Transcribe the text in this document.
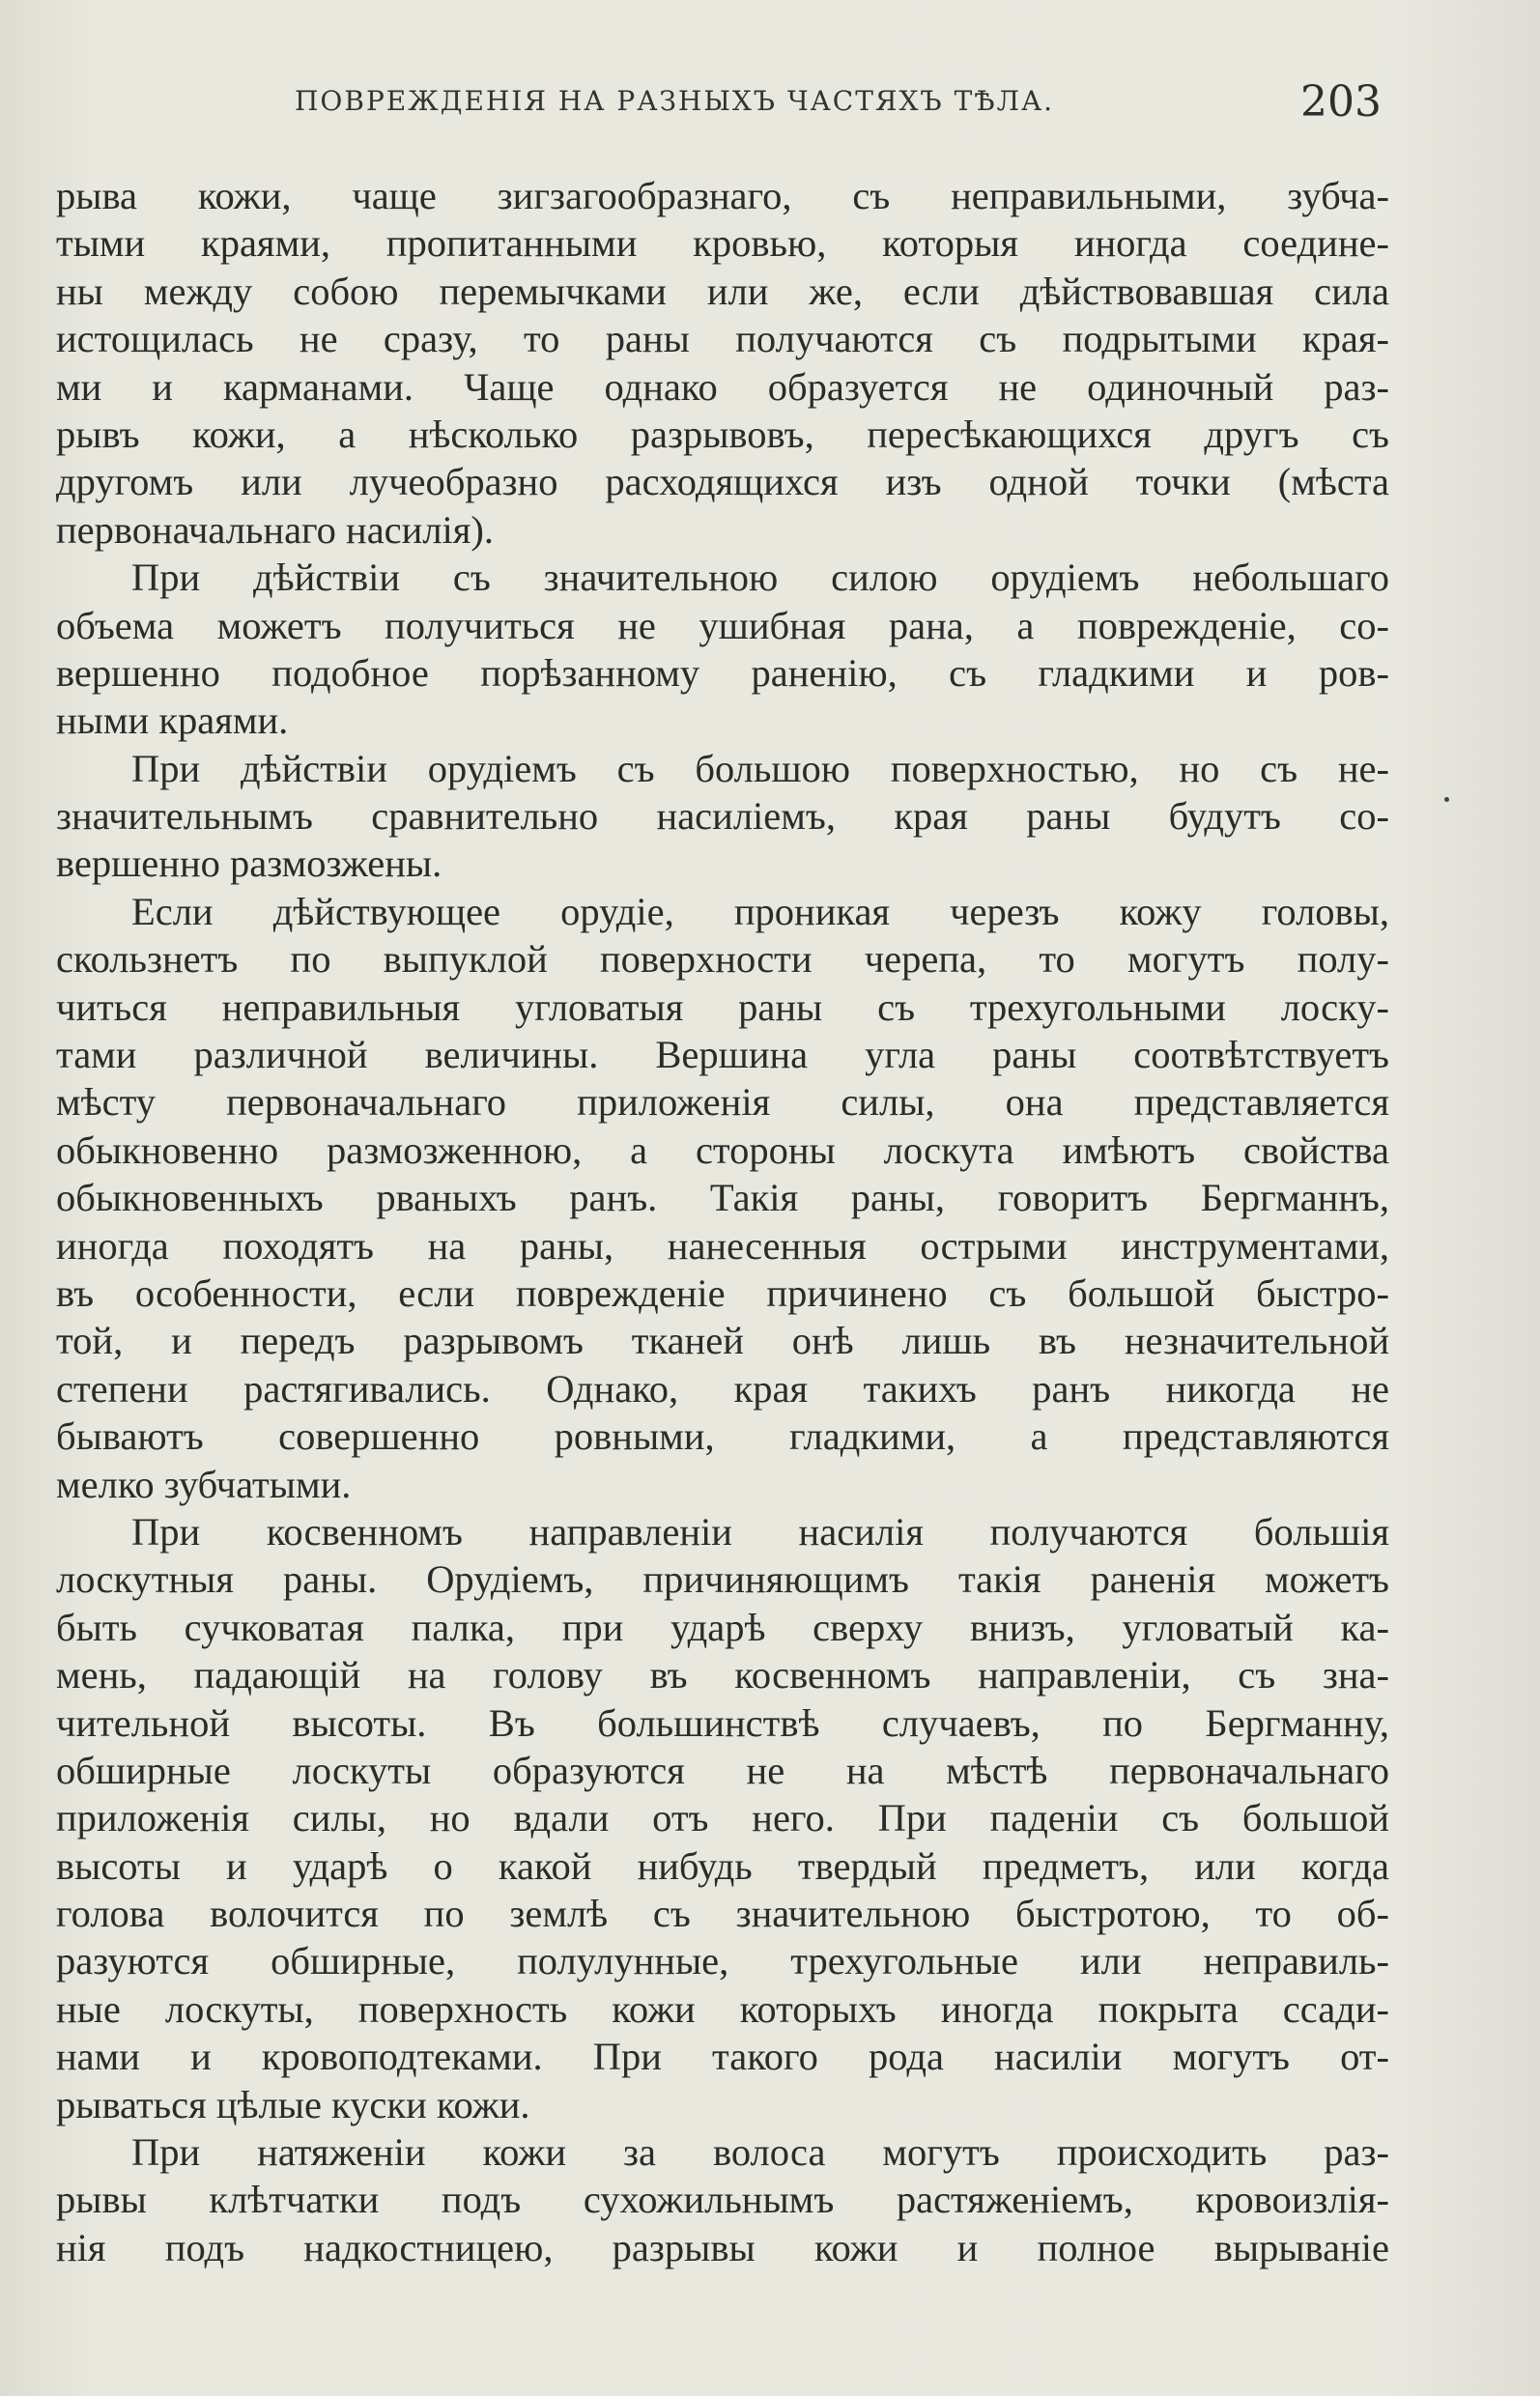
ПОВРЕЖДЕНІЯ НА РАЗНЫХЪ ЧАСТЯХЪ ТѢЛА.	203
рыва кожи, чаще зигзагообразнаго, съ неправильными, зубча-
тыми краями, пропитанными кровью, которыя иногда соедине-
ны между собою перемычками или же, если дѣйствовавшая сила
истощилась не сразу, то раны получаются съ подрытыми края-
ми и карманами. Чаще однако образуется не одиночный раз-
рывъ кожи, а нѣсколько разрывовъ, пересѣкающихся другъ съ
другомъ или лучеобразно расходящихся изъ одной точки (мѣста
первоначальнаго насилія).
При дѣйствіи съ значительною силою орудіемъ небольшаго
объема можетъ получиться не ушибная рана, а поврежденіе, со-
вершенно подобное порѣзанному раненію, съ гладкими и ров-
ными краями.
При дѣйствіи орудіемъ съ большою поверхностью, но съ не-
значительнымъ сравнительно насиліемъ, края раны будутъ со-
вершенно размозжены.
Если дѣйствующее орудіе, проникая черезъ кожу головы,
скользнетъ по выпуклой поверхности черепа, то могутъ полу-
читься неправильныя угловатыя раны съ трехугольными лоску-
тами различной величины. Вершина угла раны соотвѣтствуетъ
мѣсту первоначальнаго приложенія силы, она представляется
обыкновенно размозженною, а стороны лоскута имѣютъ свойства
обыкновенныхъ рваныхъ ранъ. Такія раны, говоритъ Бергманнъ,
иногда походятъ на раны, нанесенныя острыми инструментами,
въ особенности, если поврежденіе причинено съ большой быстро-
той, и передъ разрывомъ тканей онѣ лишь въ незначительной
степени растягивались. Однако, края такихъ ранъ никогда не
бываютъ совершенно ровными, гладкими, а представляются
мелко зубчатыми.
При косвенномъ направленіи насилія получаются большія
лоскутныя раны. Орудіемъ, причиняющимъ такія раненія можетъ
быть сучковатая палка, при ударѣ сверху внизъ, угловатый ка-
мень, падающій на голову въ косвенномъ направленіи, съ зна-
чительной высоты. Въ большинствѣ случаевъ, по Бергманну,
обширные лоскуты образуются не на мѣстѣ первоначальнаго
приложенія силы, но вдали отъ него. При паденіи съ большой
высоты и ударѣ о какой нибудь твердый предметъ, или когда
голова волочится по землѣ съ значительною быстротою, то об-
разуются обширные, полулунные, трехугольные или неправиль-
ные лоскуты, поверхность кожи которыхъ иногда покрыта ссади-
нами и кровоподтеками. При такого рода насиліи могутъ от-
рываться цѣлые куски кожи.
При натяженіи кожи за волоса могутъ происходить раз-
рывы клѣтчатки подъ сухожильнымъ растяженіемъ, кровоизлія-
нія подъ надкостницею, разрывы кожи и полное вырываніе
